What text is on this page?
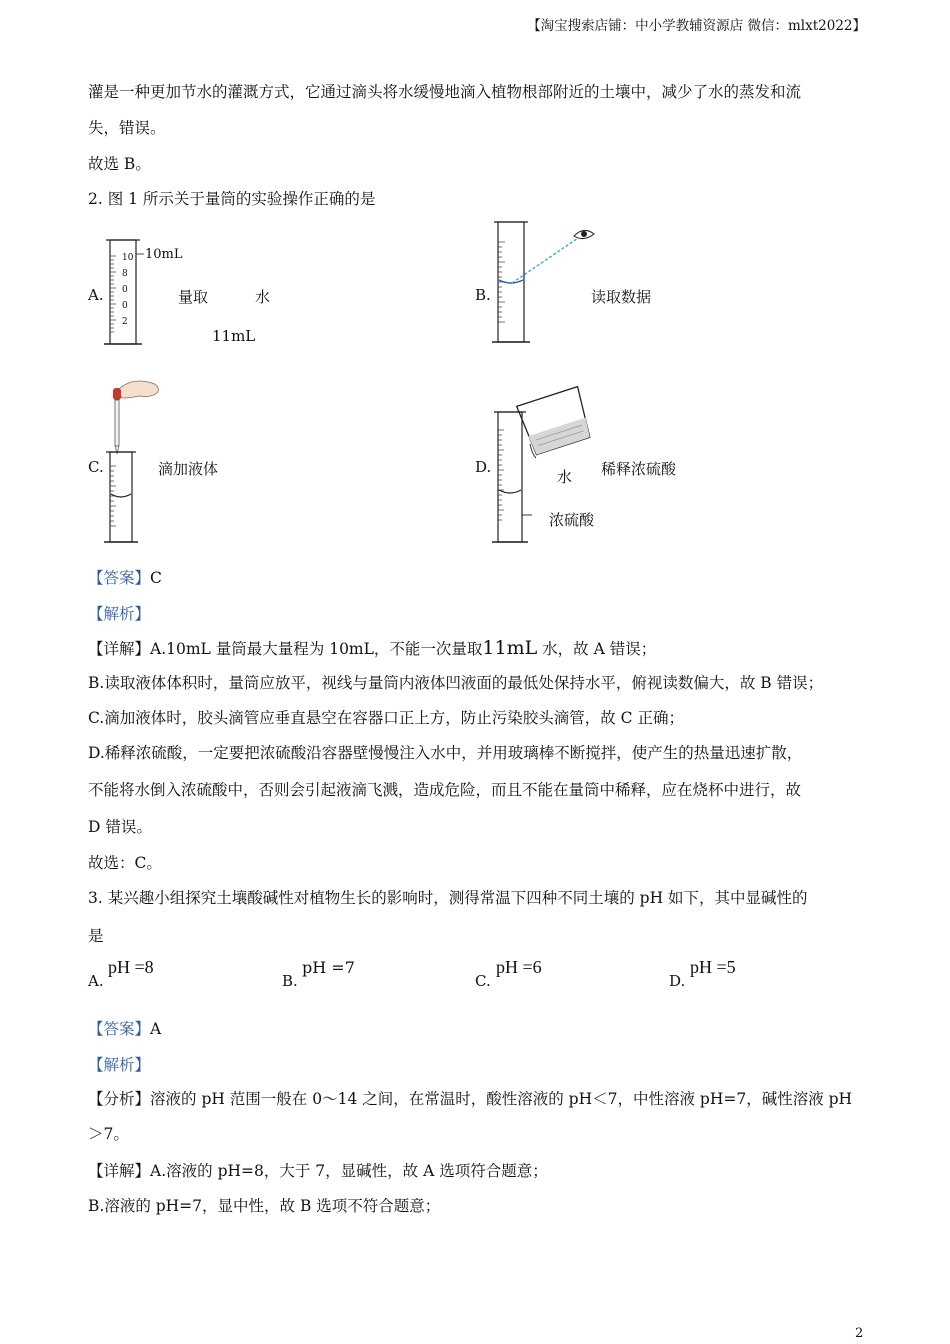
【淘宝搜索店铺：中小学教辅资源店 微信：mlxt2022】
灌是一种更加节水的灌溉方式，它通过滴头将水缓慢地滴入植物根部附近的土壤中，减少了水的蒸发和流
失，错误。
故选 B。
2. 图 1 所示关于量筒的实验操作正确的是
A.
10
8
0
0
2
10mL
量取	水
11mL
B.	读取数据
C.	滴加液体	D.
水 稀释浓硫酸
浓硫酸
【答案】C
【解析】
【详解】A.10mL 量筒最大量程为 10mL，不能一次量取11mL 水，故 A 错误；
B.读取液体体积时，量筒应放平，视线与量筒内液体凹液面的最低处保持水平，俯视读数偏大，故 B 错误；
C.滴加液体时，胶头滴管应垂直悬空在容器口正上方，防止污染胶头滴管，故 C 正确；
D.稀释浓硫酸，一定要把浓硫酸沿容器壁慢慢注入水中，并用玻璃棒不断搅拌，使产生的热量迅速扩散，
不能将水倒入浓硫酸中，否则会引起液滴飞溅，造成危险，而且不能在量筒中稀释，应在烧杯中进行，故
D 错误。
故选：C。
3. 某兴趣小组探究土壤酸碱性对植物生长的影响时，测得常温下四种不同土壤的 pH 如下，其中显碱性的
是
A.
pH =8
B.
pH =7
C.
pH =6
D.
pH =5
【答案】A
【解析】
【分析】溶液的 pH 范围一般在 0～14 之间，在常温时，酸性溶液的 pH＜7，中性溶液 pH=7，碱性溶液 pH
＞7。
【详解】A.溶液的 pH=8，大于 7，显碱性，故 A 选项符合题意；
B.溶液的 pH=7，显中性，故 B 选项不符合题意；
2
